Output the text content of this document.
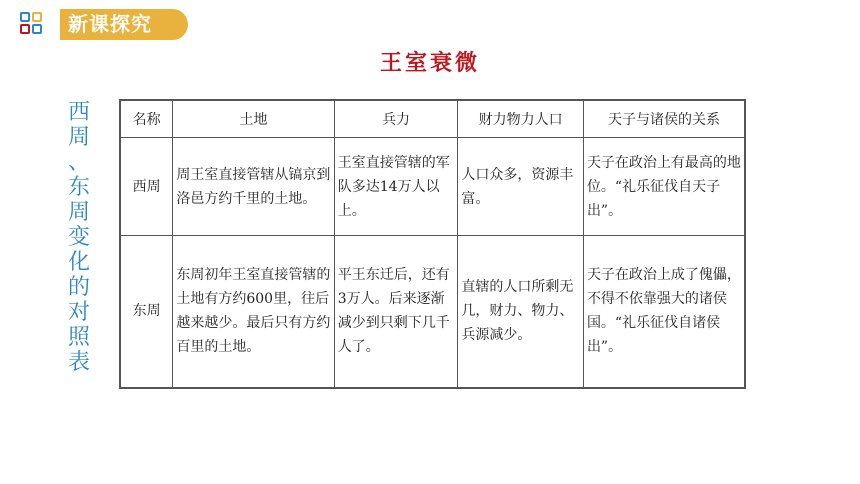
新课探究
王室衰微
西
周
、
东
周
变
化
的
对
照
表
名称	土地	兵力	财力物力人口	天子与诸侯的关系
西周	周王室直接管辖从镐京到洛邑方约千里的土地。	王室直接管辖的军队多达14万人以上。	人口众多，资源丰富。	天子在政治上有最高的地位。“礼乐征伐自天子出”。
东周	东周初年王室直接管辖的土地有方约600里，往后越来越少。最后只有方约百里的土地。	平王东迁后，还有3万人。后来逐渐减少到只剩下几千人了。	直辖的人口所剩无几，财力、物力、兵源减少。	天子在政治上成了傀儡，不得不依靠强大的诸侯国。“礼乐征伐自诸侯出”。
